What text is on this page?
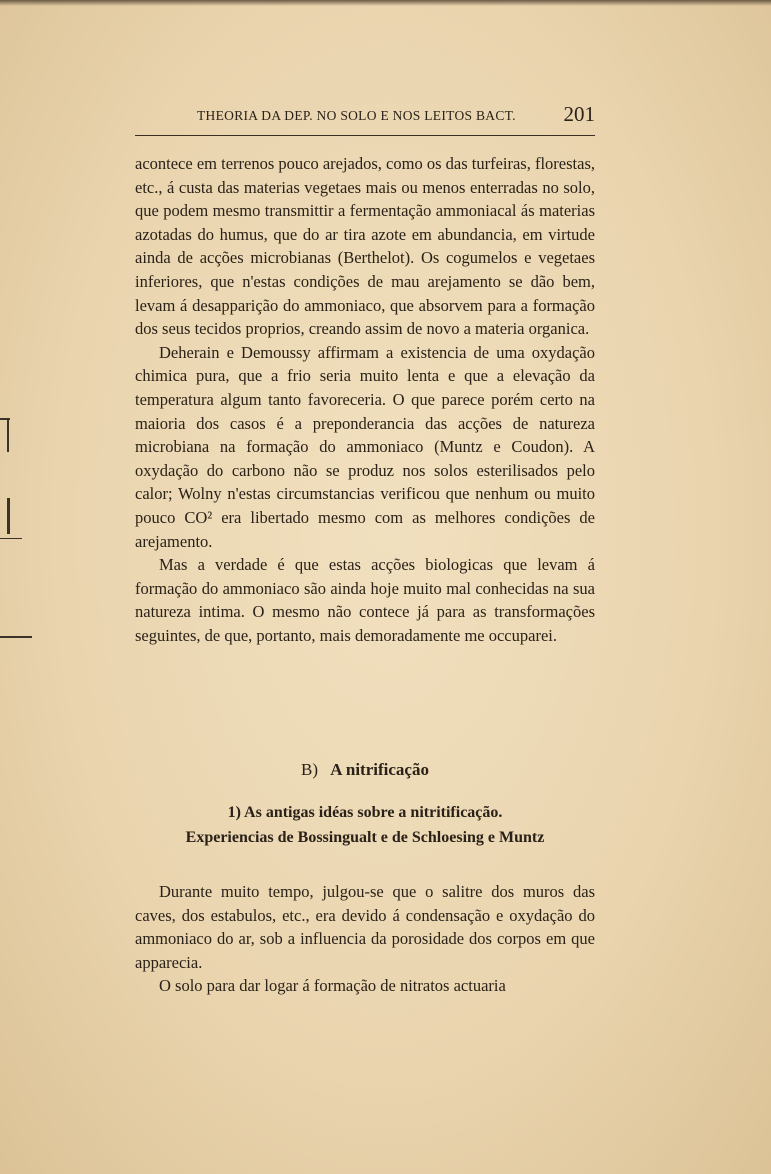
THEORIA DA DEP. NO SOLO E NOS LEITOS BACT. 201

acontece em terrenos pouco arejados, como os das turfeiras, florestas, etc., á custa das materias vegetaes mais ou menos enterradas no solo, que podem mesmo transmittir a fermentação ammoniacal ás materias azotadas do humus, que do ar tira azote em abundancia, em virtude ainda de acções microbianas (Berthelot). Os cogumelos e vegetaes inferiores, que n'estas condições de mau arejamento se dão bem, levam á desapparição do ammoniaco, que absorvem para a formação dos seus tecidos proprios, creando assim de novo a materia organica.

Deherain e Demoussy affirmam a existencia de uma oxydação chimica pura, que a frio seria muito lenta e que a elevação da temperatura algum tanto favoreceria. O que parece porém certo na maioria dos casos é a preponderancia das acções de natureza microbiana na formação do ammoniaco (Muntz e Coudon). A oxydação do carbono não se produz nos solos esterilisados pelo calor; Wolny n'estas circumstancias verificou que nenhum ou muito pouco CO² era libertado mesmo com as melhores condições de arejamento.

Mas a verdade é que estas acções biologicas que levam á formação do ammoniaco são ainda hoje muito mal conhecidas na sua natureza intima. O mesmo não contece já para as transformações seguintes, de que, portanto, mais demoradamente me occuparei.

B) A nitrificação
1) As antigas idéas sobre a nitritificação.
Experiencias de Bossingualt e de Schloesing e Muntz

Durante muito tempo, julgou-se que o salitre dos muros das caves, dos estabulos, etc., era devido á condensação e oxydação do ammoniaco do ar, sob a influencia da porosidade dos corpos em que apparecia.

O solo para dar logar á formação de nitratos actuaria
